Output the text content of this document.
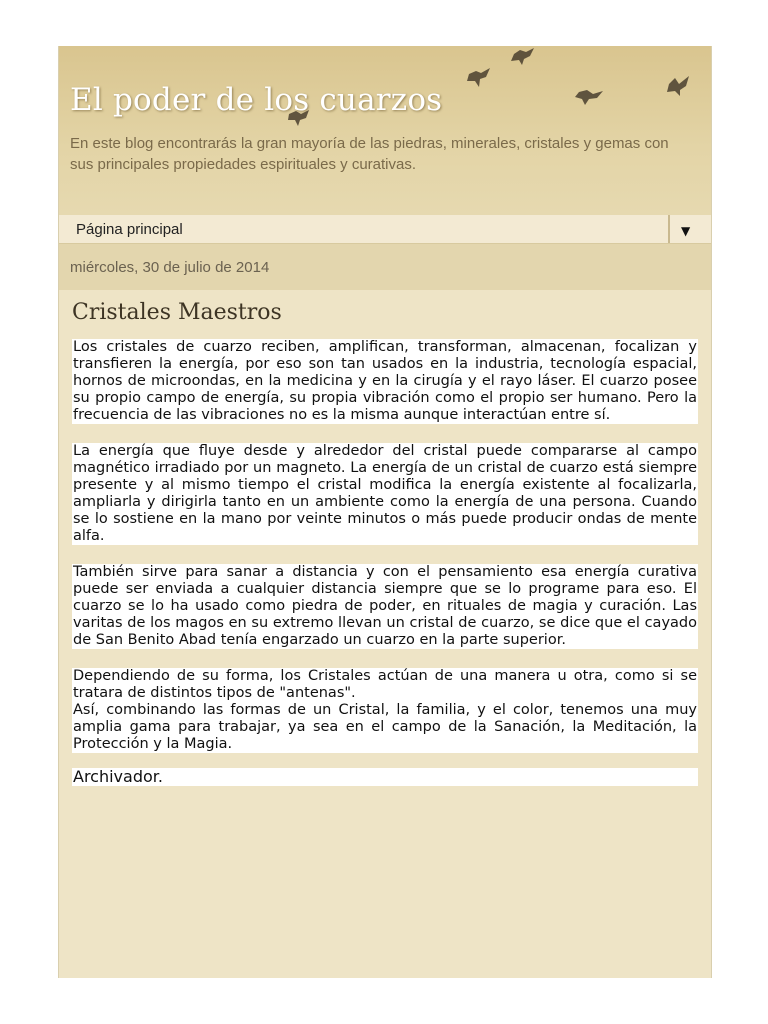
El poder de los cuarzos

En este blog encontrarás la gran mayoría de las piedras, minerales, cristales y gemas con sus principales propiedades espirituales y curativas.

Página principal	▼
miércoles, 30 de julio de 2014
Cristales Maestros
Los cristales de cuarzo reciben, amplifican, transforman, almacenan, focalizan y transfieren la energía, por eso son tan usados en la industria, tecnología espacial, hornos de microondas, en la medicina y en la cirugía y el rayo láser. El cuarzo posee su propio campo de energía, su propia vibración como el propio ser humano. Pero la frecuencia de las vibraciones no es la misma aunque interactúan entre sí.
La energía que fluye desde y alrededor del cristal puede compararse al campo magnético irradiado por un magneto. La energía de un cristal de cuarzo está siempre presente y al mismo tiempo el cristal modifica la energía existente al focalizarla, ampliarla y dirigirla tanto en un ambiente como la energía de una persona. Cuando se lo sostiene en la mano por veinte minutos o más puede producir ondas de mente alfa.
También sirve para sanar a distancia y con el pensamiento esa energía curativa puede ser enviada a cualquier distancia siempre que se lo programe para eso. El cuarzo se lo ha usado como piedra de poder, en rituales de magia y curación. Las varitas de los magos en su extremo llevan un cristal de cuarzo, se dice que el cayado de San Benito Abad tenía engarzado un cuarzo en la parte superior.
Dependiendo de su forma, los Cristales actúan de una manera u otra, como si se tratara de distintos tipos de "antenas".
Así, combinando las formas de un Cristal, la familia, y el color, tenemos una muy amplia gama para trabajar, ya sea en el campo de la Sanación, la Meditación, la Protección y la Magia.
Archivador.
